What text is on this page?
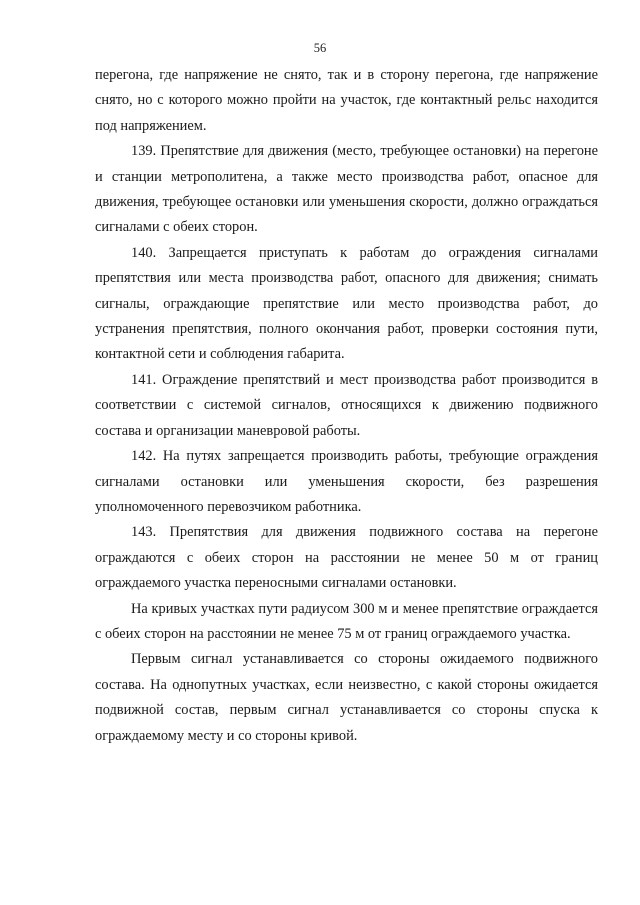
56

перегона, где напряжение не снято, так и в сторону перегона, где напряжение снято, но с которого можно пройти на участок, где контактный рельс находится под напряжением.

139. Препятствие для движения (место, требующее остановки) на перегоне и станции метрополитена, а также место производства работ, опасное для движения, требующее остановки или уменьшения скорости, должно ограждаться сигналами с обеих сторон.

140. Запрещается приступать к работам до ограждения сигналами препятствия или места производства работ, опасного для движения; снимать сигналы, ограждающие препятствие или место производства работ, до устранения препятствия, полного окончания работ, проверки состояния пути, контактной сети и соблюдения габарита.

141. Ограждение препятствий и мест производства работ производится в соответствии с системой сигналов, относящихся к движению подвижного состава и организации маневровой работы.

142. На путях запрещается производить работы, требующие ограждения сигналами остановки или уменьшения скорости, без разрешения уполномоченного перевозчиком работника.

143. Препятствия для движения подвижного состава на перегоне ограждаются с обеих сторон на расстоянии не менее 50 м от границ ограждаемого участка переносными сигналами остановки.

На кривых участках пути радиусом 300 м и менее препятствие ограждается с обеих сторон на расстоянии не менее 75 м от границ ограждаемого участка.

Первым сигнал устанавливается со стороны ожидаемого подвижного состава. На однопутных участках, если неизвестно, с какой стороны ожидается подвижной состав, первым сигнал устанавливается со стороны спуска к ограждаемому месту и со стороны кривой.
